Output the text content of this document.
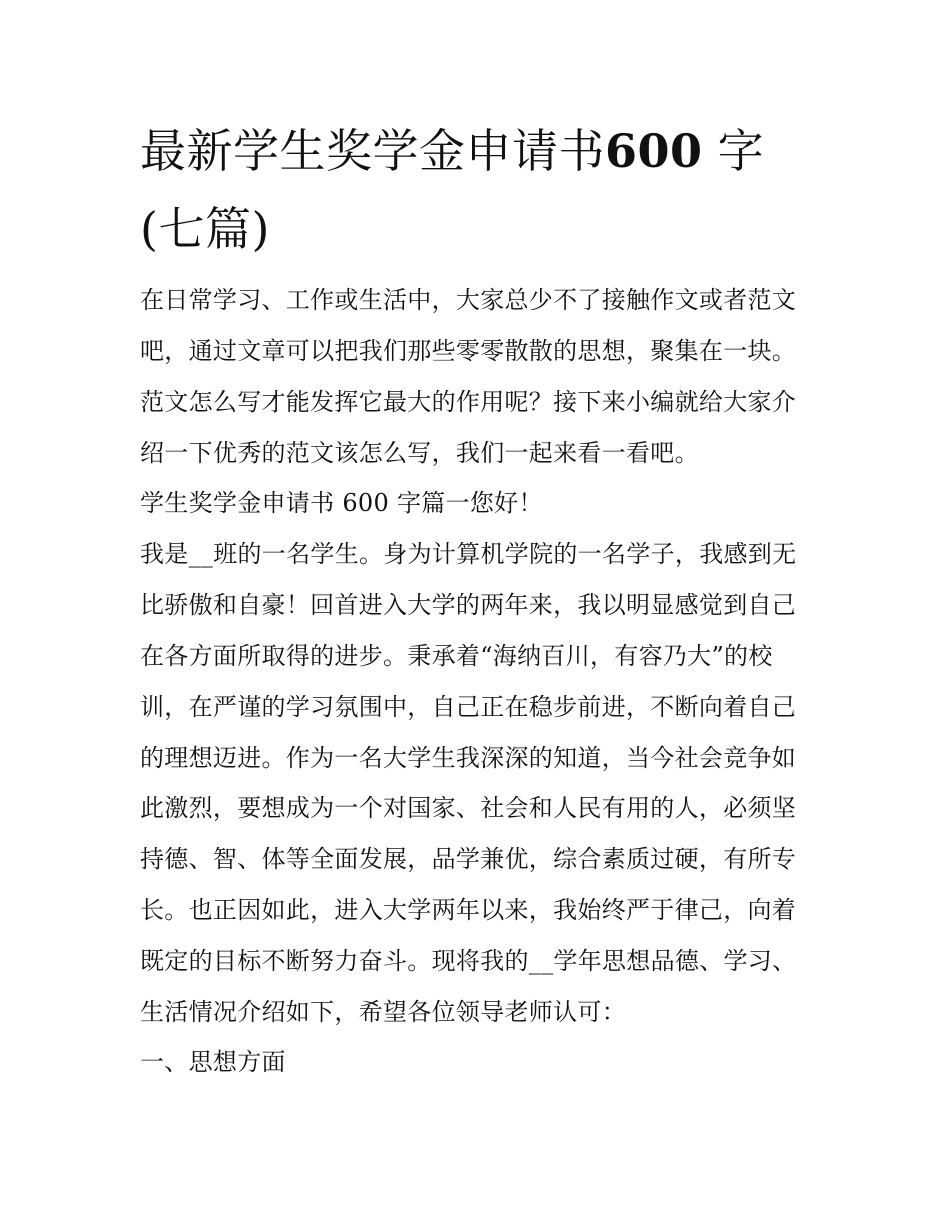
最新学生奖学金申请书600 字
(七篇)

在日常学习、工作或生活中，大家总少不了接触作文或者范文

吧，通过文章可以把我们那些零零散散的思想，聚集在一块。

范文怎么写才能发挥它最大的作用呢？接下来小编就给大家介

绍一下优秀的范文该怎么写，我们一起来看一看吧。

学生奖学金申请书 600 字篇一您好！

我是__班的一名学生。身为计算机学院的一名学子，我感到无

比骄傲和自豪！回首进入大学的两年来，我以明显感觉到自己

在各方面所取得的进步。秉承着“海纳百川，有容乃大”的校

训，在严谨的学习氛围中，自己正在稳步前进，不断向着自己

的理想迈进。作为一名大学生我深深的知道，当今社会竞争如

此激烈，要想成为一个对国家、社会和人民有用的人，必须坚

持德、智、体等全面发展，品学兼优，综合素质过硬，有所专

长。也正因如此，进入大学两年以来，我始终严于律己，向着

既定的目标不断努力奋斗。现将我的__学年思想品德、学习、

生活情况介绍如下，希望各位领导老师认可：

一、思想方面
